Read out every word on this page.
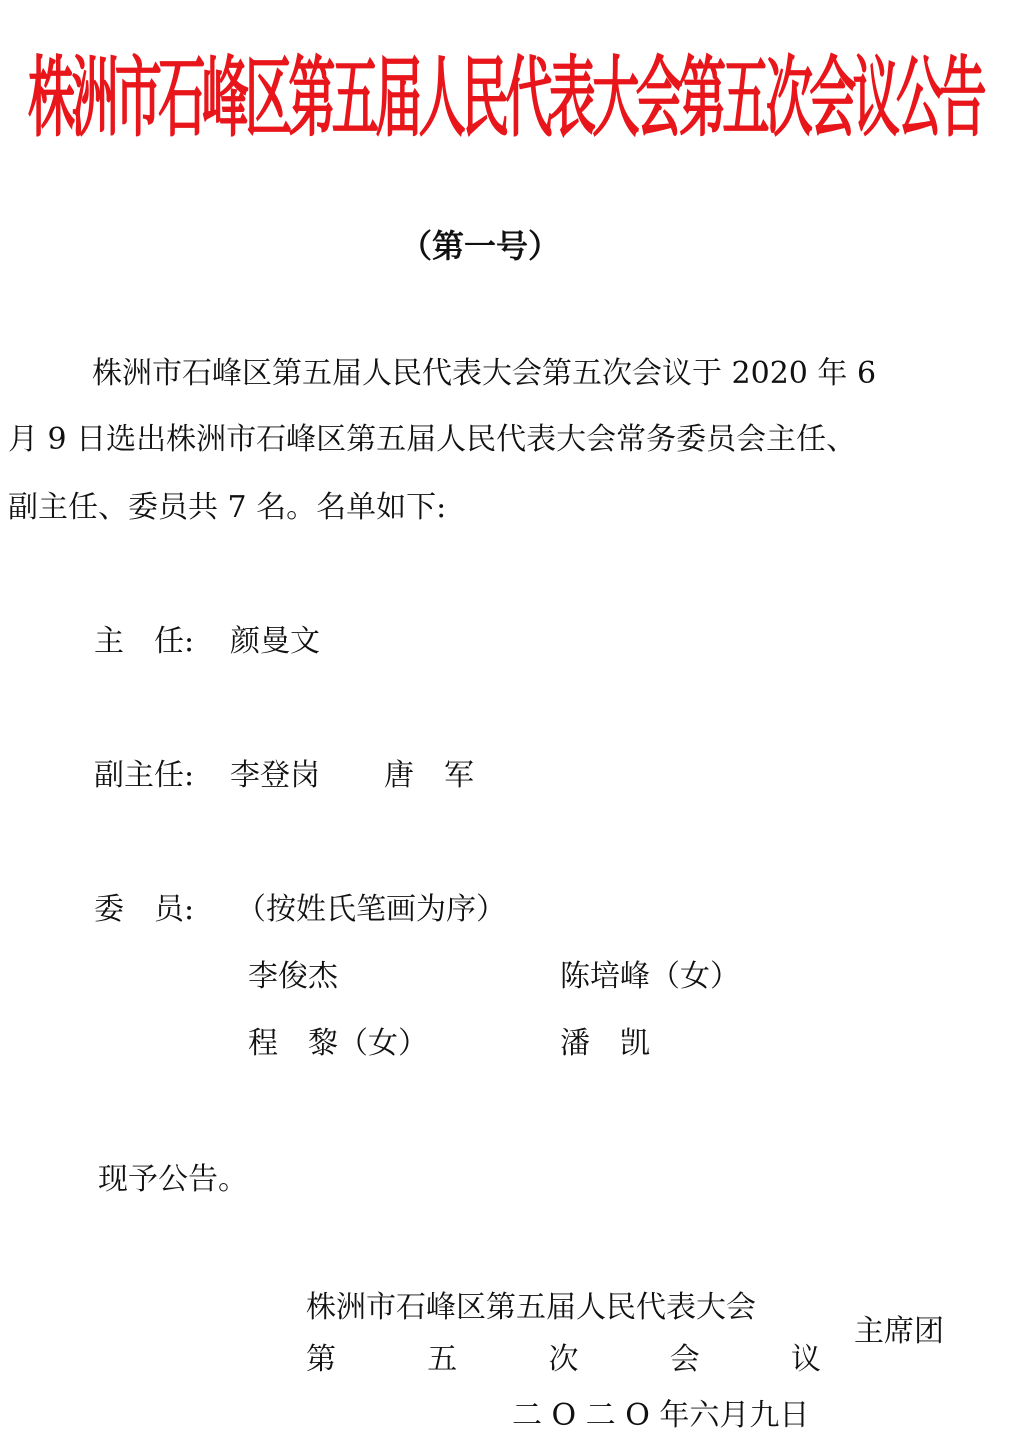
株洲市石峰区第五届人民代表大会第五次会议公告
（第一号）
株洲市石峰区第五届人民代表大会第五次会议于 2020 年 6
月 9 日选出株洲市石峰区第五届人民代表大会常务委员会主任、
副主任、委员共 7 名。名单如下:
主　任: 颜曼文
副主任: 李登岗 唐　军
委　员: （按姓氏笔画为序）
李俊杰	陈培峰（女）
程　黎（女）	潘　凯
现予公告。
株洲市石峰区第五届人民代表大会
第	五	次	会	议
主席团
二 O 二 O 年六月九日
